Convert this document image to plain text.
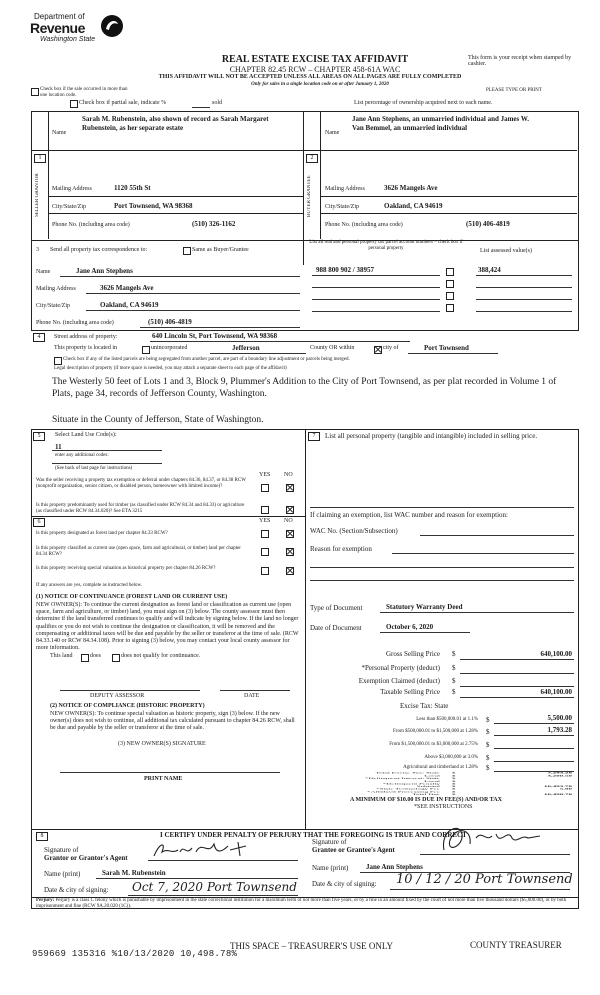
Department of
Revenue
Washington State
REAL ESTATE EXCISE TAX AFFIDAVIT
CHAPTER 82.45 RCW – CHAPTER 458-61A WAC
THIS AFFIDAVIT WILL NOT BE ACCEPTED UNLESS ALL AREAS ON ALL PAGES ARE FULLY COMPLETED
Only for sales in a single location code on or after January 1, 2020
This form is your receipt when stamped by cashier.
PLEASE TYPE OR PRINT
Check box if the sale occurred in more than one location code.
Check box if partial sale, indicate %	sold	List percentage of ownership acquired next to each name.
1
Name
Sarah M. Rubenstein, also shown of record as Sarah Margaret
Rubenstein, as her separate estate
SELLER GRANTOR Mailing Address	1120 55th St
City/State/Zip	Port Townsend, WA 98368
Phone No. (including area code)	(510) 326-1162
2
Name
Jane Ann Stephens, an unmarried individual and James W.
Van Bemmel, an unmarried individual
BUYER GRANTEE Mailing Address	3626 Mangels Ave
City/State/Zip	Oakland, CA 94619
Phone No. (including area code)	(510) 406-4819
3 Send all property tax correspondence to:	Same as Buyer/Grantee
Name	Jane Ann Stephens
Mailing Address	3626 Mangels Ave
City/State/Zip	Oakland, CA 94619
Phone No. (including area code)	(510) 406-4819
List all real and personal property tax parcel account numbers – check box if personal property	List assessed value(s)
988 800 902 / 38957	388,424
4	Street address of property:	640 Lincoln St, Port Townsend, WA 98368
This property is located in	unincorporated	Jefferson	County OR within	city of	Port Townsend
Check box if any of the listed parcels are being segregated from another parcel, are part of a boundary line adjustment or parcels being merged.
Legal description of property (if more space is needed, you may attach a separate sheet to each page of the affidavit)
The Westerly 50 feet of Lots 1 and 3, Block 9, Plummer's Addition to the City of Port Townsend, as per plat recorded in Volume 1 of Plats, page 34, records of Jefferson County, Washington.
Situate in the County of Jefferson, State of Washington.
5	Select Land Use Code(s):
11
enter any additional codes:
(See back of last page for instructions)
YES NO
Was the seller receiving a property tax exemption or deferral under chapters 84.36, 84.37, or 84.38 RCW (nonprofit organization, senior citizen, or disabled person, homeowner with limited income)?
Is this property predominantly used for timber (as classified under RCW 84.34 and 84.33) or agriculture (as classified under RCW 84.34.020)? See ETA 3215
6	YES NO
Is this property designated as forest land per chapter 84.33 RCW?
Is this property classified as current use (open space, farm and agricultural, or timber) land per chapter 84.34 RCW?
Is this property receiving special valuation as historical property per chapter 84.26 RCW?
If any answers are yes, complete as instructed below.
(1) NOTICE OF CONTINUANCE (FOREST LAND OR CURRENT USE)
NEW OWNER(S): To continue the current designation as forest land or classification as current use (open space, farm and agriculture, or timber) land, you must sign on (3) below. The county assessor must then determine if the land transferred continues to qualify and will indicate by signing below. If the land no longer qualifies or you do not wish to continue the designation or classification, it will be removed and the compensating or additional taxes will be due and payable by the seller or transferor at the time of sale. (RCW 84.33.140 or RCW 84.34.108). Prior to signing (3) below, you may contact your local county assessor for more information.
This land	does	does not qualify for continuance.
DEPUTY ASSESSOR	DATE
(2) NOTICE OF COMPLIANCE (HISTORIC PROPERTY)
NEW OWNER(S): To continue special valuation as historic property, sign (3) below. If the new owner(s) does not wish to continue, all additional tax calculated pursuant to chapter 84.26 RCW, shall be due and payable by the seller or transferor at the time of sale.
(3) NEW OWNER(S) SIGNATURE
PRINT NAME
7	List all personal property (tangible and intangible) included in selling price.
If claiming an exemption, list WAC number and reason for exemption:
WAC No. (Section/Subsection)
Reason for exemption
Type of Document	Statutory Warranty Deed
Date of Document	October 6, 2020
Gross Selling Price $	640,100.00
*Personal Property (deduct) $
Exemption Claimed (deduct) $
Taxable Selling Price $	640,100.00
Less than $500,000.01 at 1.1% $	5,500.00
From $500,000.01 to $1,500,000 at 1.28% $	1,793.28
From $1,500,000.01 to $3,000,000 at 2.75% $
Above $3,000,000 at 3.0% $
Agricultural and timberland at 1.28% $
Total Excise Tax: State $	7,293.28
Local $	3,200.50
*Delinquent Interest: State $
Local $
*Delinquent Penalty $
Subtotal $	10,493.78
*State Technology Fee $	5.00
*Affidavit Processing Fee $
Total Due $	10,498.78
Excise Tax: State
A MINIMUM OF $10.00 IS DUE IN FEE(S) AND/OR TAX
*SEE INSTRUCTIONS
8	I CERTIFY UNDER PENALTY OF PERJURY THAT THE FOREGOING IS TRUE AND CORRECT
Signature of
Grantor or Grantor's Agent
Name (print)	Sarah M. Rubenstein
Date & city of signing: Oct 7, 2020 Port Townsend
Signature of
Grantee or Grantee's Agent
Name (print)	Jane Ann Stephens
Date & city of signing: 10 / 12 / 20 Port Townsend
Perjury: Perjury is a class C felony which is punishable by imprisonment in the state correctional institution for a maximum term of not more than five years, or by a fine in an amount fixed by the court of not more than five thousand dollars ($5,000.00), or by both imprisonment and fine (RCW 9A.20.020 (1C)).
959669 135316 %10/13/2020 10,498.78%
THIS SPACE – TREASURER'S USE ONLY	COUNTY TREASURER
